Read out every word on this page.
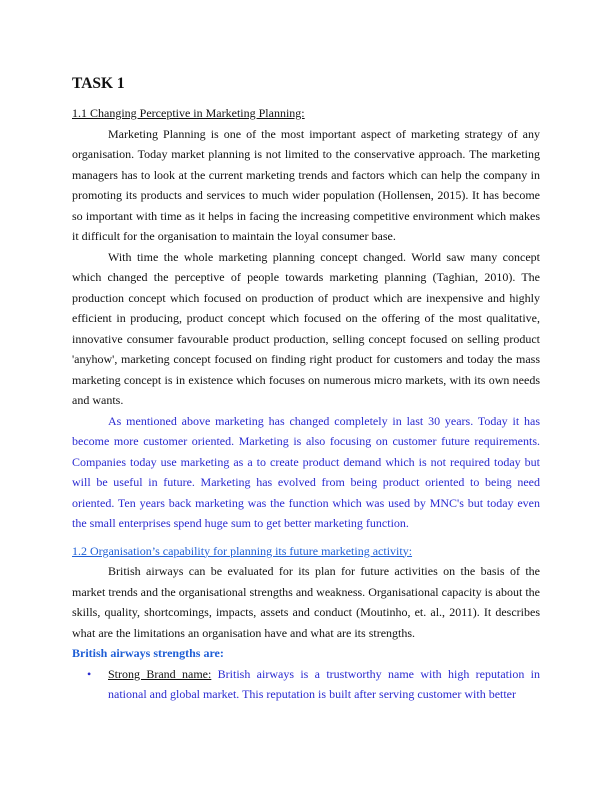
TASK 1
1.1 Changing Perceptive in Marketing Planning:

Marketing Planning is one of the most important aspect of marketing strategy of any organisation. Today market planning is not limited to the conservative approach. The marketing managers has to look at the current marketing trends and factors which can help the company in promoting its products and services to much wider population (Hollensen, 2015). It has become so important with time as it helps in facing the increasing competitive environment which makes it difficult for the organisation to maintain the loyal consumer base.

With time the whole marketing planning concept changed. World saw many concept which changed the perceptive of people towards marketing planning (Taghian, 2010). The production concept which focused on production of product which are inexpensive and highly efficient in producing, product concept which focused on the offering of the most qualitative, innovative consumer favourable product production, selling concept focused on selling product 'anyhow', marketing concept focused on finding right product for customers and today the mass marketing concept is in existence which focuses on numerous micro markets, with its own needs and wants.

As mentioned above marketing has changed completely in last 30 years. Today it has become more customer oriented. Marketing is also focusing on customer future requirements. Companies today use marketing as a to create product demand which is not required today but will be useful in future. Marketing has evolved from being product oriented to being need oriented. Ten years back marketing was the function which was used by MNC's but today even the small enterprises spend huge sum to get better marketing function.

1.2 Organisation’s capability for planning its future marketing activity:

British airways can be evaluated for its plan for future activities on the basis of the market trends and the organisational strengths and weakness. Organisational capacity is about the skills, quality, shortcomings, impacts, assets and conduct (Moutinho, et. al., 2011). It describes what are the limitations an organisation have and what are its strengths.

British airways strengths are:
• Strong Brand name: British airways is a trustworthy name with high reputation in national and global market. This reputation is built after serving customer with better
